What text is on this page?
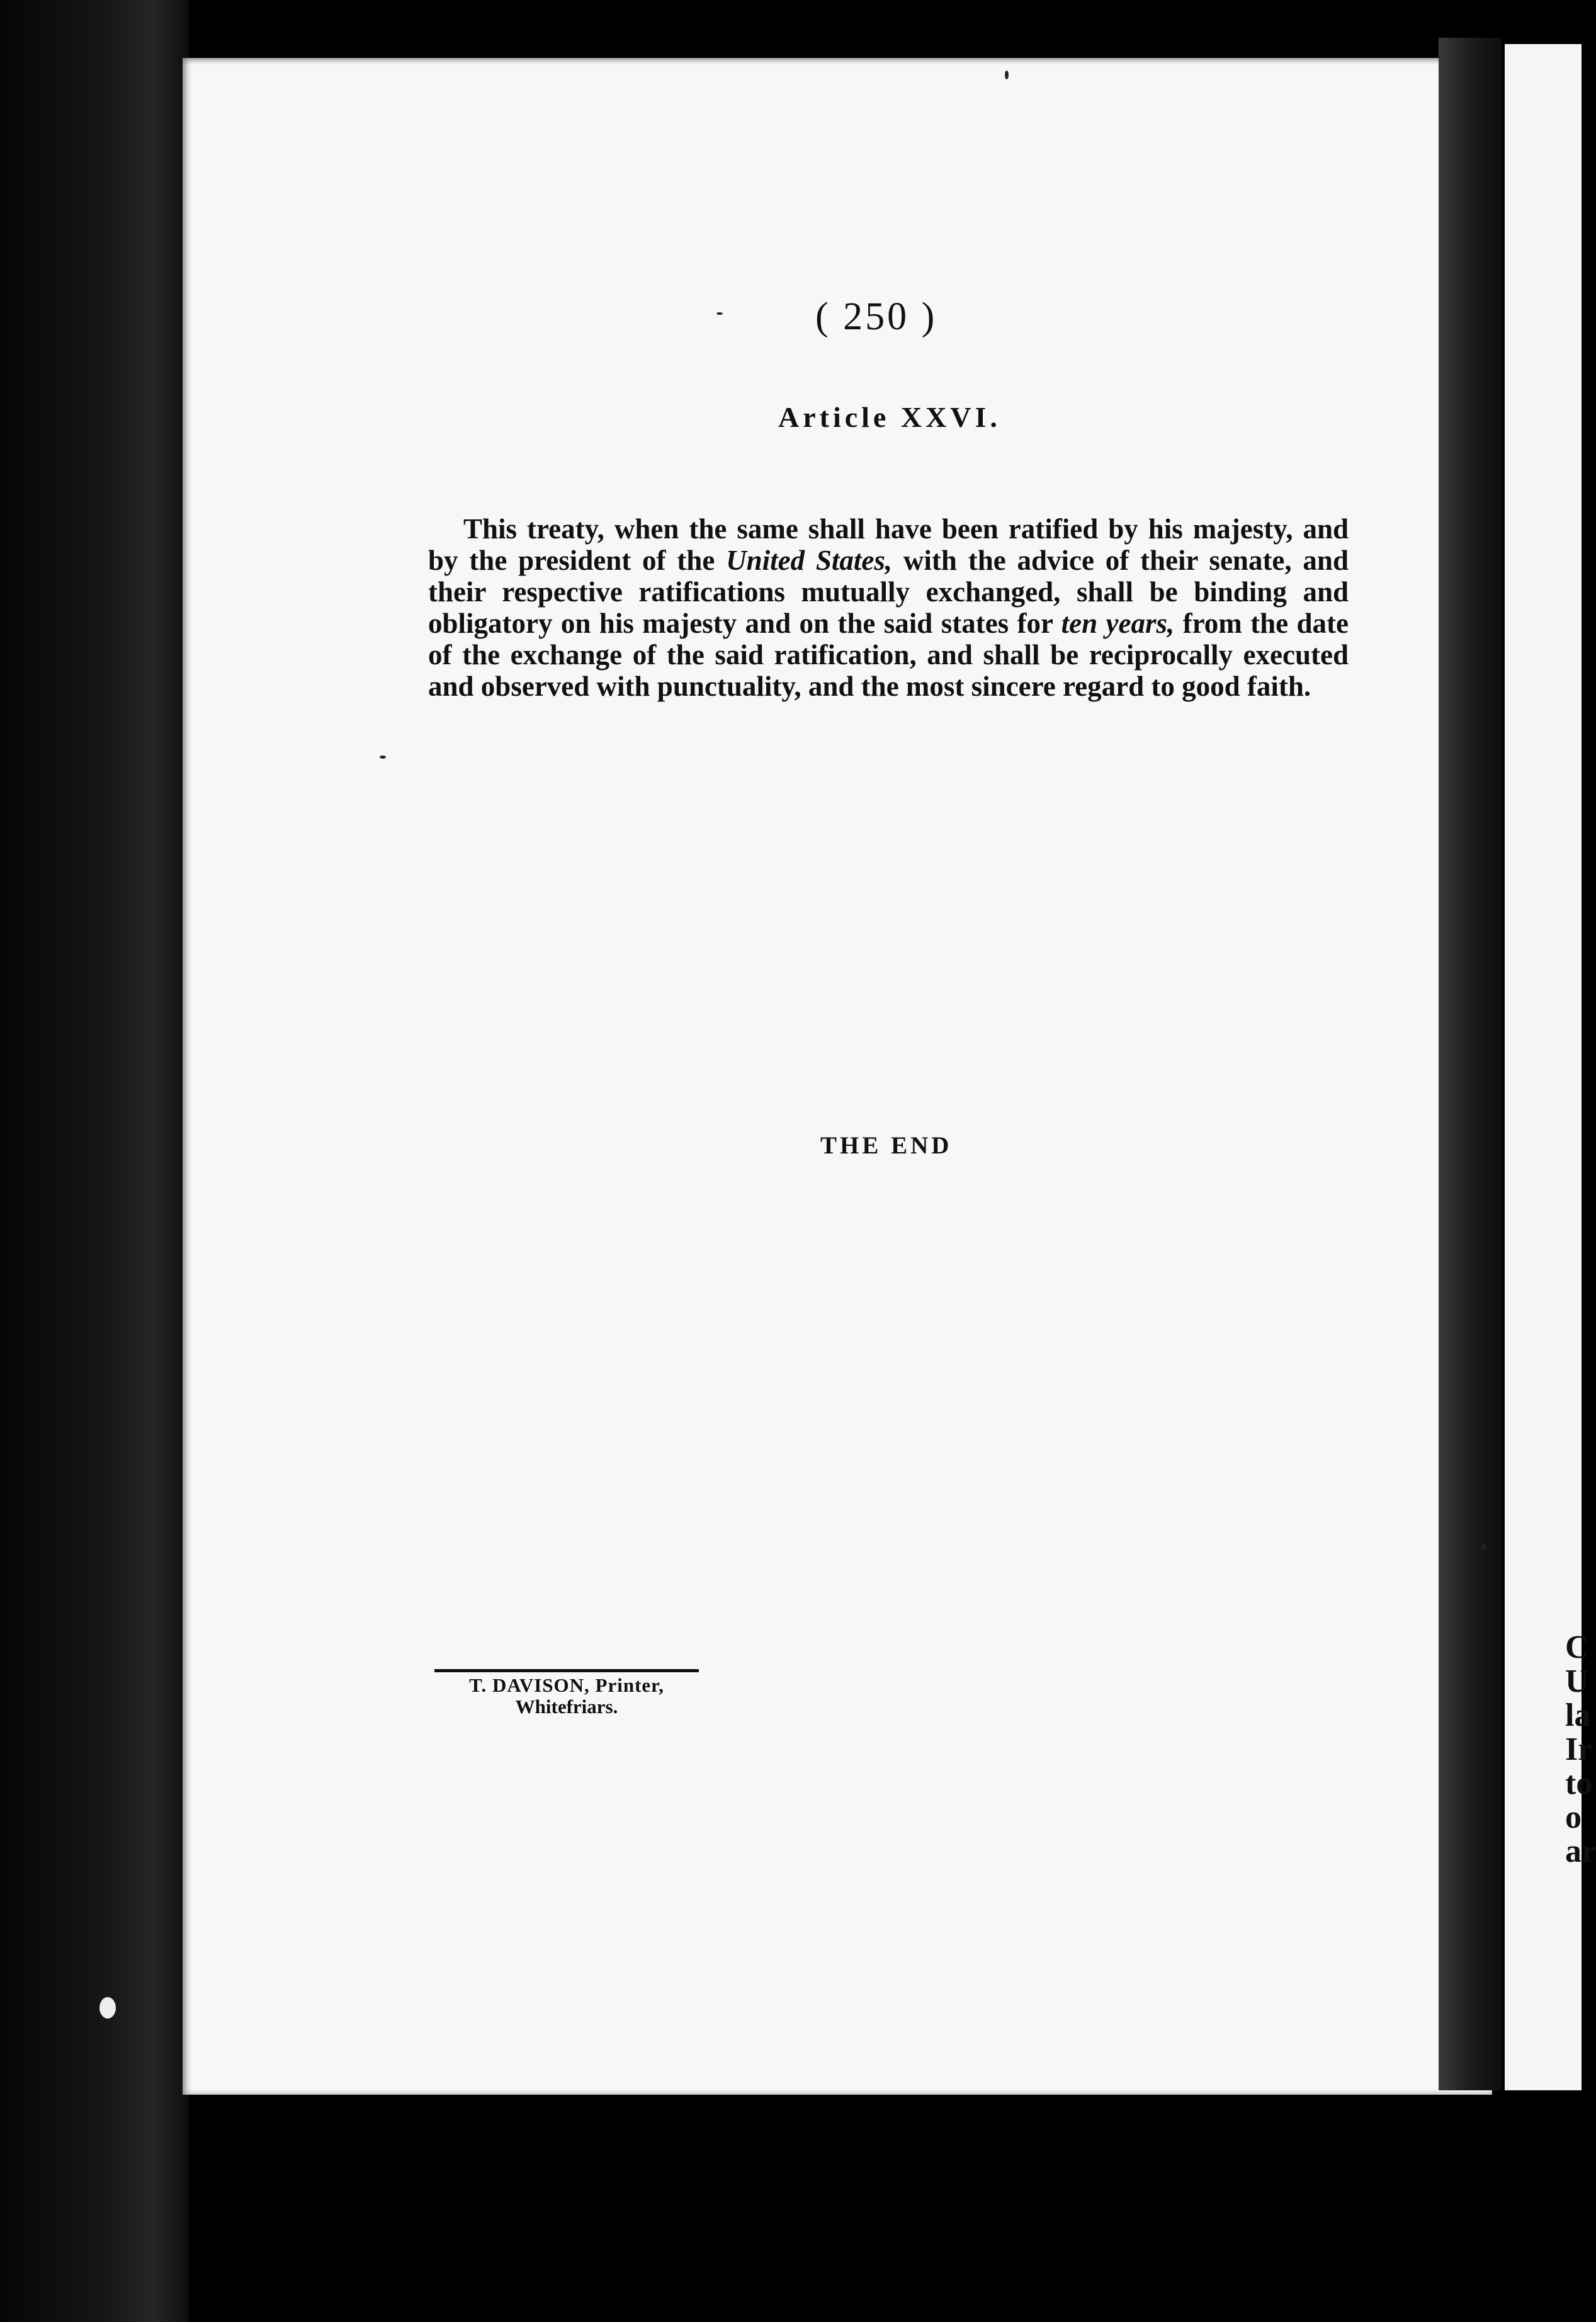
C
U
la
Ir
to
o
ar
( 250 )
Article XXVI.

This treaty, when the same shall have been ratified by his majesty, and by the president of the United States, with the advice of their senate, and their respective ratifications mutually exchanged, shall be binding and obligatory on his majesty and on the said states for ten years, from the date of the exchange of the said ratification, and shall be reciprocally executed and observed with punctuality, and the most sincere regard to good faith.

THE END
T. DAVISON, Printer,
Whitefriars.
